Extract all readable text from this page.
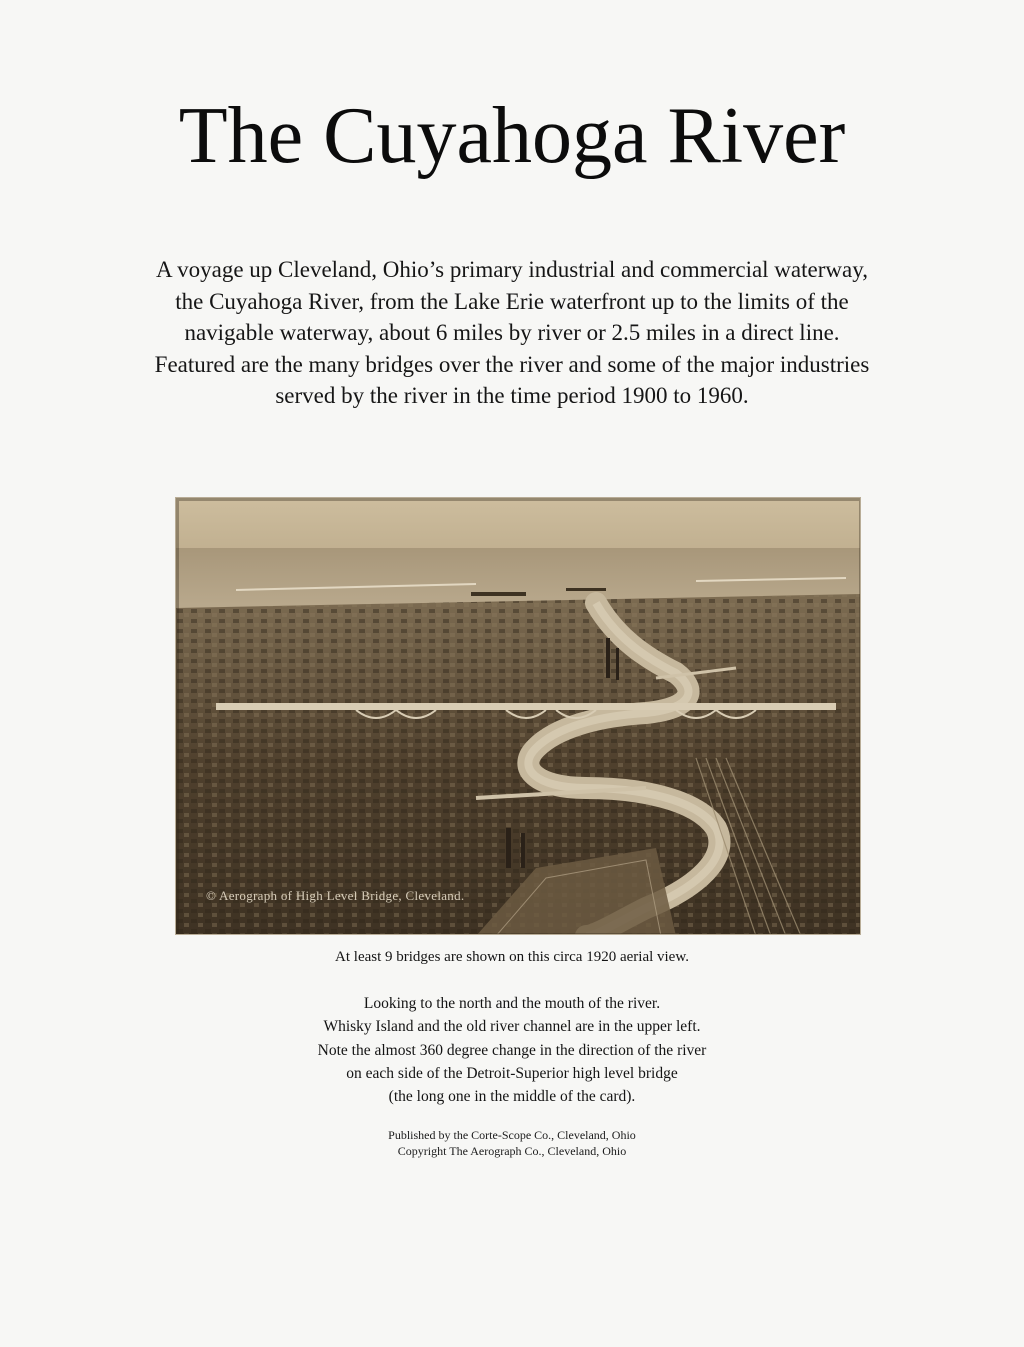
The Cuyahoga River

A voyage up Cleveland, Ohio’s primary industrial and commercial waterway,
the Cuyahoga River, from the Lake Erie waterfront up to the limits of the
navigable waterway, about 6 miles by river or 2.5 miles in a direct line.
Featured are the many bridges over the river and some of the major industries
served by the river in the time period 1900 to 1960.

© Aerograph of High Level Bridge, Cleveland.

At least 9 bridges are shown on this circa 1920 aerial view.

Looking to the north and the mouth of the river.
Whisky Island and the old river channel are in the upper left.
Note the almost 360 degree change in the direction of the river
on each side of the Detroit-Superior high level bridge
(the long one in the middle of the card).

Published by the Corte-Scope Co., Cleveland, Ohio
Copyright The Aerograph Co., Cleveland, Ohio
